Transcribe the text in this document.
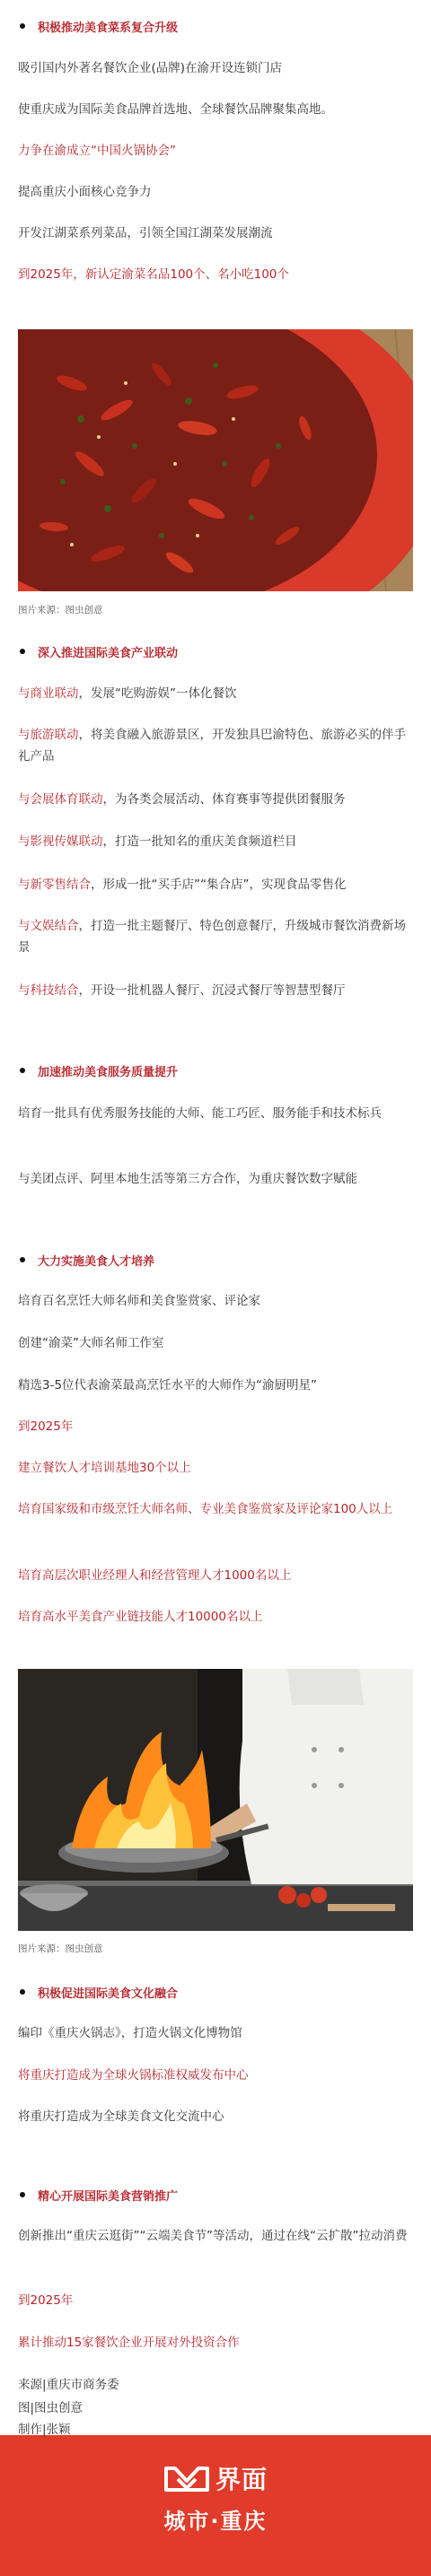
积极推动美食菜系复合升级
吸引国内外著名餐饮企业(品牌)在渝开设连锁门店
使重庆成为国际美食品牌首选地、全球餐饮品牌聚集高地。
力争在渝成立“中国火锅协会”
提高重庆小面核心竞争力
开发江湖菜系列菜品，引领全国江湖菜发展潮流
到2025年，新认定渝菜名品100个、名小吃100个
图片来源：图虫创意
深入推进国际美食产业联动
与商业联动，发展“吃购游娱”一体化餐饮
与旅游联动，将美食融入旅游景区，开发独具巴渝特色、旅游必买的伴手礼产品
与会展体育联动，为各类会展活动、体育赛事等提供团餐服务
与影视传媒联动，打造一批知名的重庆美食频道栏目
与新零售结合，形成一批“买手店”“集合店”，实现食品零售化
与文娱结合，打造一批主题餐厅、特色创意餐厅，升级城市餐饮消费新场景
与科技结合，开设一批机器人餐厅、沉浸式餐厅等智慧型餐厅
加速推动美食服务质量提升
培育一批具有优秀服务技能的大师、能工巧匠、服务能手和技术标兵
与美团点评、阿里本地生活等第三方合作，为重庆餐饮数字赋能
大力实施美食人才培养
培育百名烹饪大师名师和美食鉴赏家、评论家
创建“渝菜”大师名师工作室
精选3-5位代表渝菜最高烹饪水平的大师作为“渝厨明星”
到2025年
建立餐饮人才培训基地30个以上
培育国家级和市级烹饪大师名师、专业美食鉴赏家及评论家100人以上
培育高层次职业经理人和经营管理人才1000名以上
培育高水平美食产业链技能人才10000名以上
图片来源：图虫创意
积极促进国际美食文化融合
编印《重庆火锅志》，打造火锅文化博物馆
将重庆打造成为全球火锅标准权威发布中心
将重庆打造成为全球美食文化交流中心
精心开展国际美食营销推广
创新推出“重庆云逛街”“云端美食节”等活动，通过在线“云扩散”拉动消费
到2025年
累计推动15家餐饮企业开展对外投资合作
来源|重庆市商务委
图|图虫创意
制作|张颖
界面
城市·重庆
